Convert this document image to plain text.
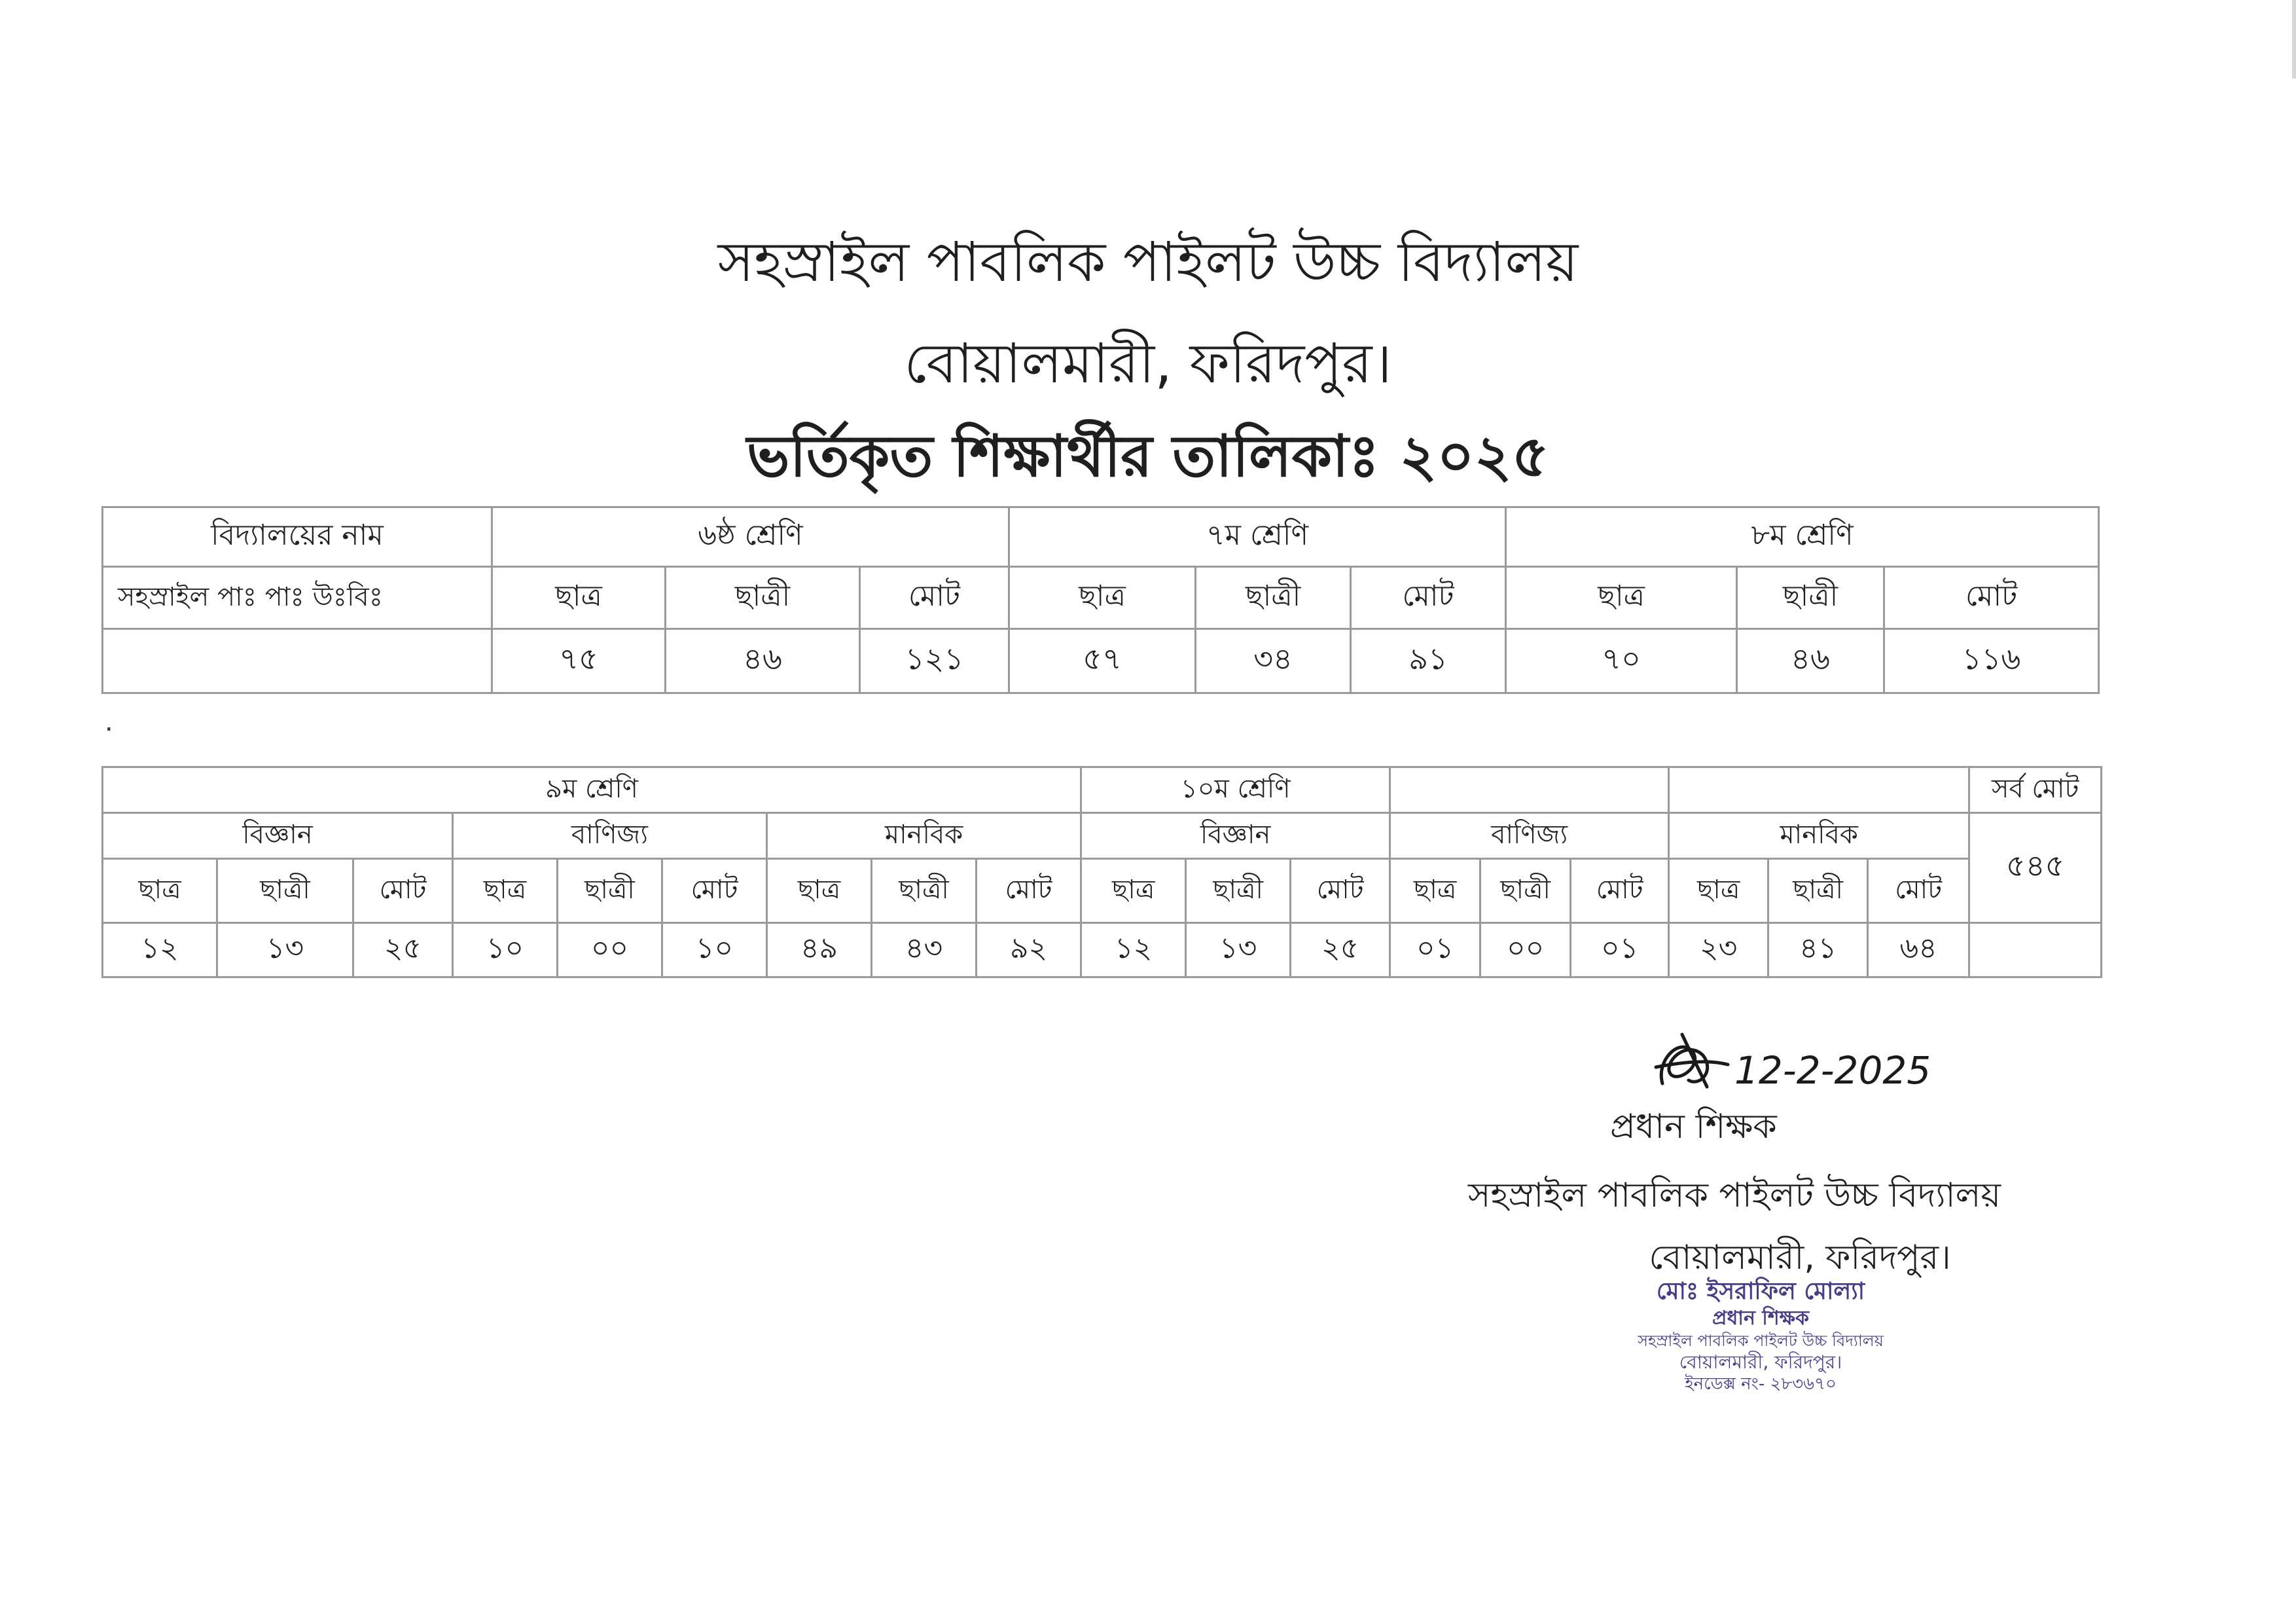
সহস্রাইল পাবলিক পাইলট উচ্চ বিদ্যালয়
বোয়ালমারী, ফরিদপুর।
ভর্তিকৃত শিক্ষার্থীর তালিকাঃ ২০২৫
বিদ্যালয়ের নাম	৬ষ্ঠ শ্রেণি			৭ম শ্রেণি			৮ম শ্রেণি		
সহস্রাইল পাঃ পাঃ উঃবিঃ	ছাত্র	ছাত্রী	মোট	ছাত্র	ছাত্রী	মোট	ছাত্র	ছাত্রী	মোট
	৭৫	৪৬	১২১	৫৭	৩৪	৯১	৭০	৪৬	১১৬
.
৯ম শ্রেণি									১০ম শ্রেণি									সর্ব মোট
বিজ্ঞান			বাণিজ্য			মানবিক			বিজ্ঞান			বাণিজ্য			মানবিক			৫৪৫
ছাত্র	ছাত্রী	মোট	ছাত্র	ছাত্রী	মোট	ছাত্র	ছাত্রী	মোট	ছাত্র	ছাত্রী	মোট	ছাত্র	ছাত্রী	মোট	ছাত্র	ছাত্রী	মোট	
১২	১৩	২৫	১০	০০	১০	৪৯	৪৩	৯২	১২	১৩	২৫	০১	০০	০১	২৩	৪১	৬৪	
12-2-2025
প্রধান শিক্ষক
সহস্রাইল পাবলিক পাইলট উচ্চ বিদ্যালয়
বোয়ালমারী, ফরিদপুর।
মোঃ ইসরাফিল মোল্যা
প্রধান শিক্ষক
সহস্রাইল পাবলিক পাইলট উচ্চ বিদ্যালয়
বোয়ালমারী, ফরিদপুর।
ইনডেক্স নং- ২৮৩৬৭০
